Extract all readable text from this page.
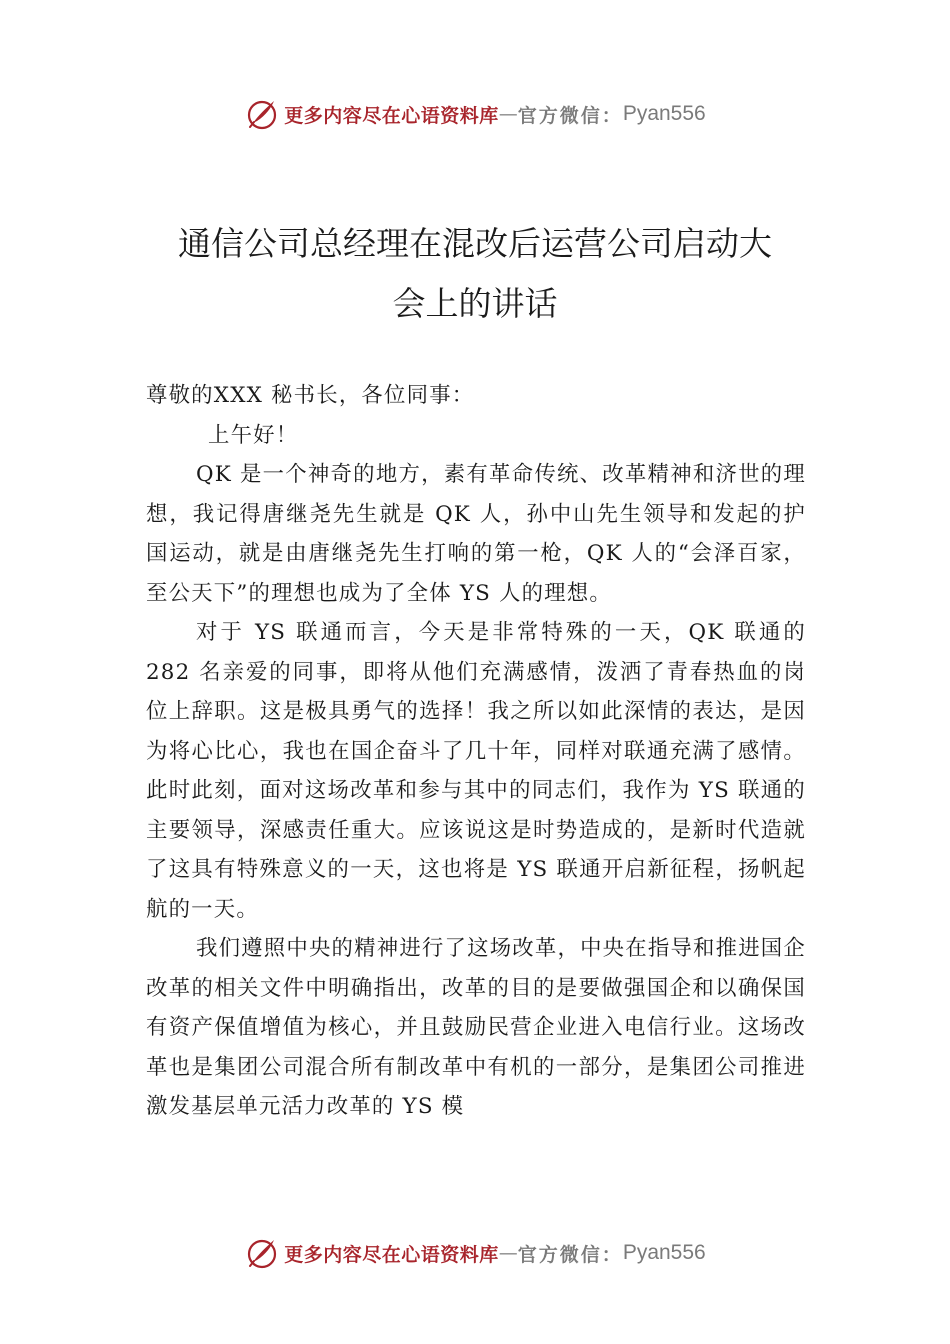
更多内容尽在心语资料库 — 官方微信： Pyan556
通信公司总经理在混改后运营公司启动大
会上的讲话

尊敬的XXX 秘书长，各位同事：

上午好！

QK 是一个神奇的地方，素有革命传统、改革精神和济世的理想，我记得唐继尧先生就是 QK 人，孙中山先生领导和发起的护国运动，就是由唐继尧先生打响的第一枪，QK 人的“会泽百家，至公天下”的理想也成为了全体 YS 人的理想。

对于 YS 联通而言，今天是非常特殊的一天，QK 联通的 282 名亲爱的同事，即将从他们充满感情，泼洒了青春热血的岗位上辞职。这是极具勇气的选择！我之所以如此深情的表达，是因为将心比心，我也在国企奋斗了几十年，同样对联通充满了感情。此时此刻，面对这场改革和参与其中的同志们，我作为 YS 联通的主要领导，深感责任重大。应该说这是时势造成的，是新时代造就了这具有特殊意义的一天，这也将是 YS 联通开启新征程，扬帆起航的一天。

我们遵照中央的精神进行了这场改革，中央在指导和推进国企改革的相关文件中明确指出，改革的目的是要做强国企和以确保国有资产保值增值为核心，并且鼓励民营企业进入电信行业。这场改革也是集团公司混合所有制改革中有机的一部分，是集团公司推进激发基层单元活力改革的 YS 模

更多内容尽在心语资料库 — 官方微信： Pyan556
